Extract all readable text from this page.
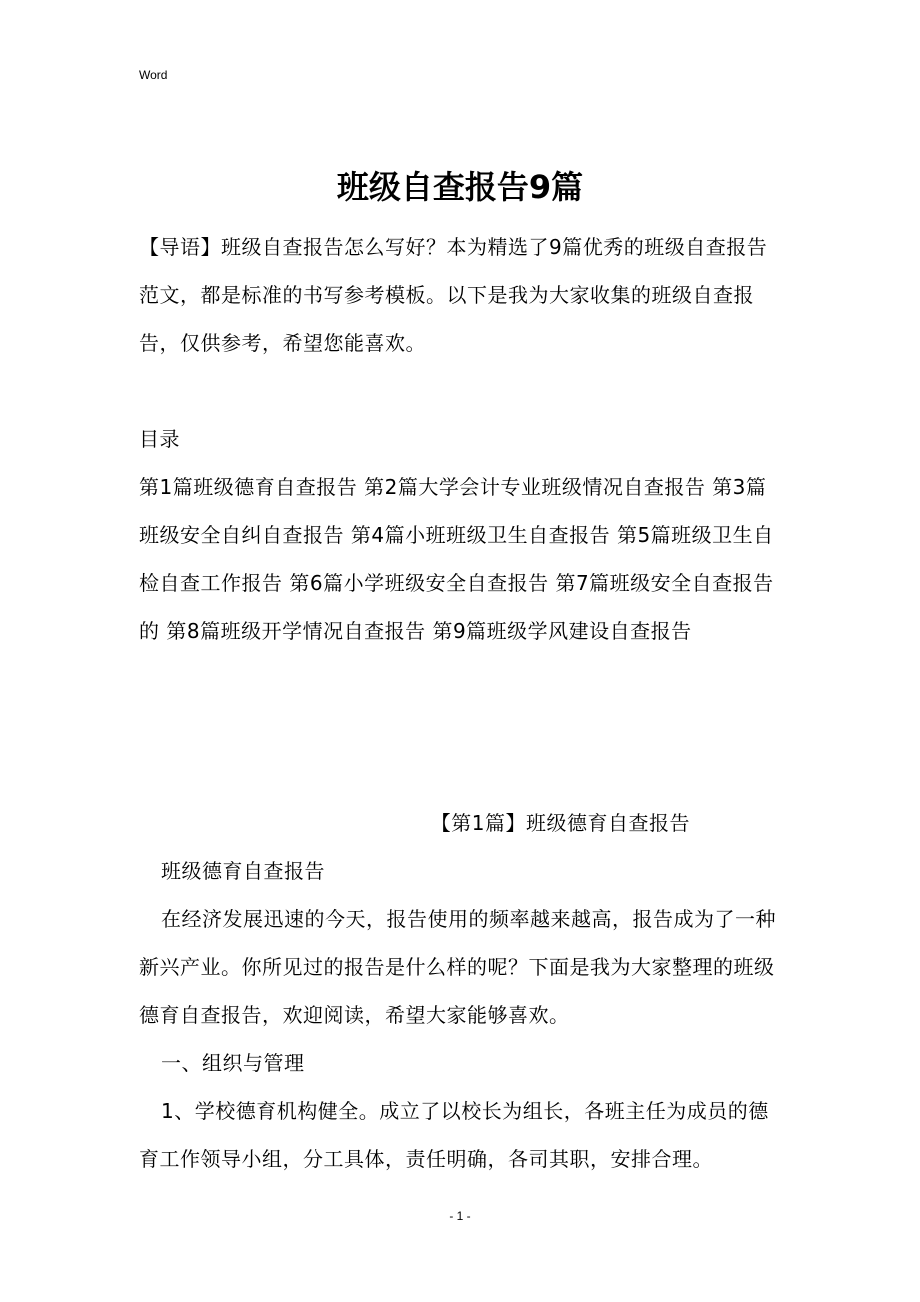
Word
班级自查报告9篇

【导语】班级自查报告怎么写好？本为精选了9篇优秀的班级自查报告范文，都是标准的书写参考模板。以下是我为大家收集的班级自查报告，仅供参考，希望您能喜欢。

目录

第1篇班级德育自查报告 第2篇大学会计专业班级情况自查报告 第3篇班级安全自纠自查报告 第4篇小班班级卫生自查报告 第5篇班级卫生自检自查工作报告 第6篇小学班级安全自查报告 第7篇班级安全自查报告的 第8篇班级开学情况自查报告 第9篇班级学风建设自查报告

【第1篇】班级德育自查报告

班级德育自查报告

在经济发展迅速的今天，报告使用的频率越来越高，报告成为了一种新兴产业。你所见过的报告是什么样的呢？下面是我为大家整理的班级德育自查报告，欢迎阅读，希望大家能够喜欢。

一、组织与管理

1、学校德育机构健全。成立了以校长为组长，各班主任为成员的德育工作领导小组，分工具体，责任明确，各司其职，安排合理。

- 1 -
